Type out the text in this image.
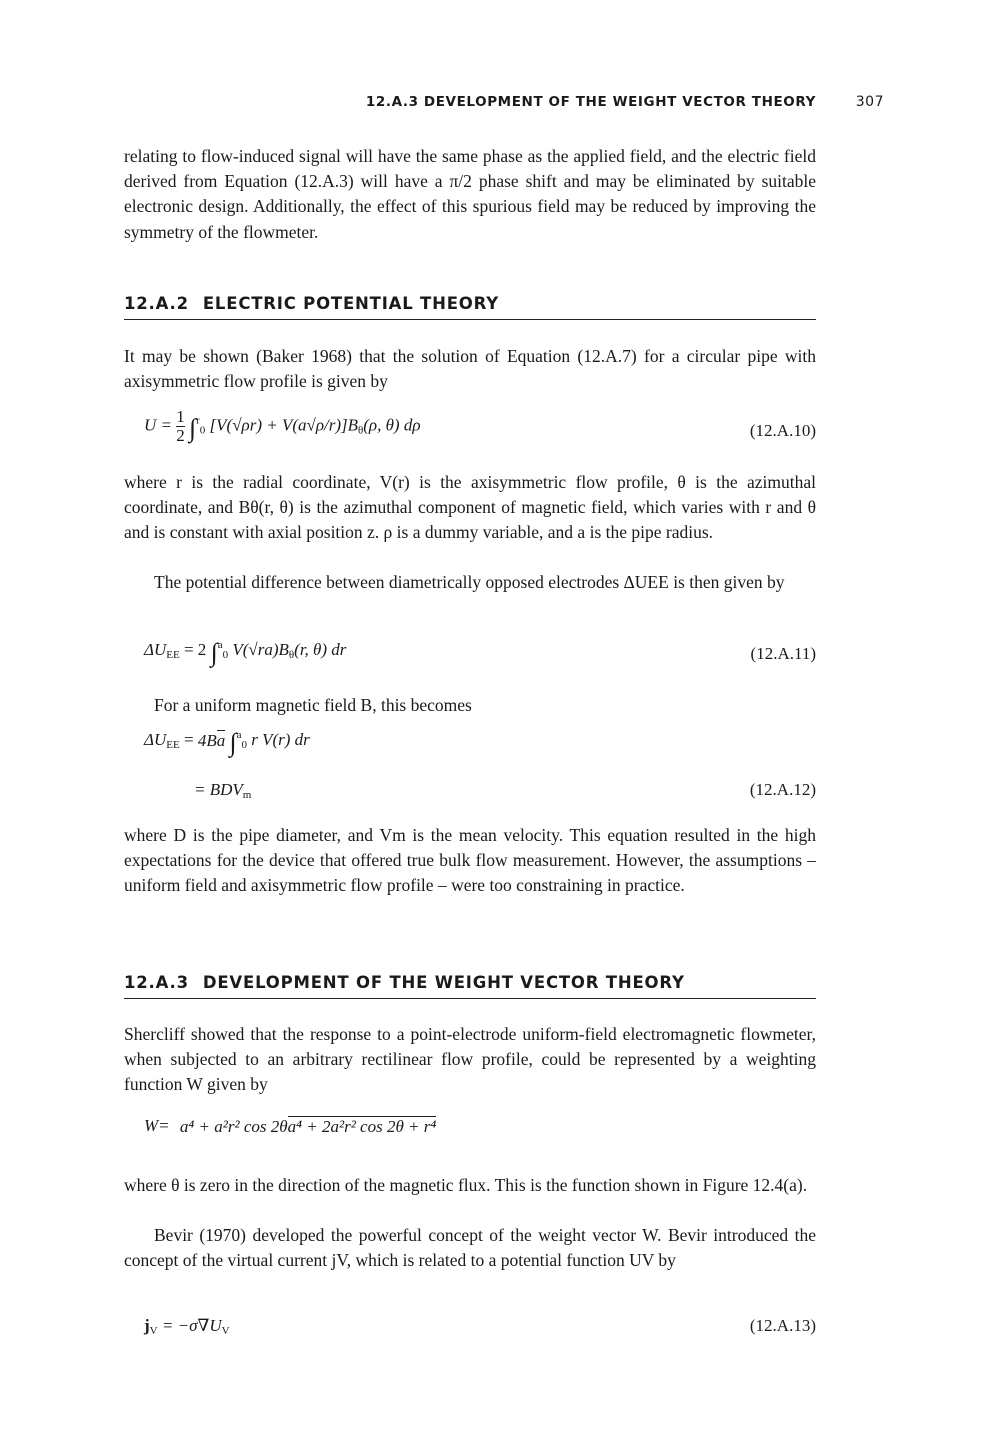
12.A.3 DEVELOPMENT OF THE WEIGHT VECTOR THEORY	307

relating to flow-induced signal will have the same phase as the applied field, and the electric field derived from Equation (12.A.3) will have a π/2 phase shift and may be eliminated by suitable electronic design. Additionally, the effect of this spurious field may be reduced by improving the symmetry of the flowmeter.

12.A.2 ELECTRIC POTENTIAL THEORY

It may be shown (Baker 1968) that the solution of Equation (12.A.7) for a circular pipe with axisymmetric flow profile is given by

$U = \frac{1}{2} \int^r_0$ $[V(√\rho r) + V(a√\rho/r)]B_\theta(\rho$, θ) dρ	(12.A.10)

where r is the radial coordinate, V(r) is the axisymmetric flow profile, θ is the azimuthal coordinate, and Bθ(r, θ) is the azimuthal component of magnetic field, which varies with r and θ and is constant with axial position z. ρ is a dummy variable, and a is the pipe radius.

The potential difference between diametrically opposed electrodes ΔUEE is then given by

$\Delta U_{EE} = 2$ ∫$^a_0$ $V(√ra)B_\theta(r$, θ) dr	(12.A.11)

For a uniform magnetic field B, this becomes

$\Delta U_{EE} = 4Ba$ ∫$^a_0$ r V(r) dr
= $BDV_m$	(12.A.12)

where D is the pipe diameter, and Vm is the mean velocity. This equation resulted in the high expectations for the device that offered true bulk flow measurement. However, the assumptions – uniform field and axisymmetric flow profile – were too constraining in practice.

12.A.3 DEVELOPMENT OF THE WEIGHT VECTOR THEORY

Shercliff showed that the response to a point-electrode uniform-field electromagnetic flowmeter, when subjected to an arbitrary rectilinear flow profile, could be represented by a weighting function W given by

W= a⁴ + a²r² cos 2θa⁴ + 2a²r² cos 2θ + r⁴

where θ is zero in the direction of the magnetic flux. This is the function shown in Figure 12.4(a).

Bevir (1970) developed the powerful concept of the weight vector W. Bevir introduced the concept of the virtual current jV, which is related to a potential function UV by

$j_V = -\sigma\nabla U_V$	(12.A.13)
